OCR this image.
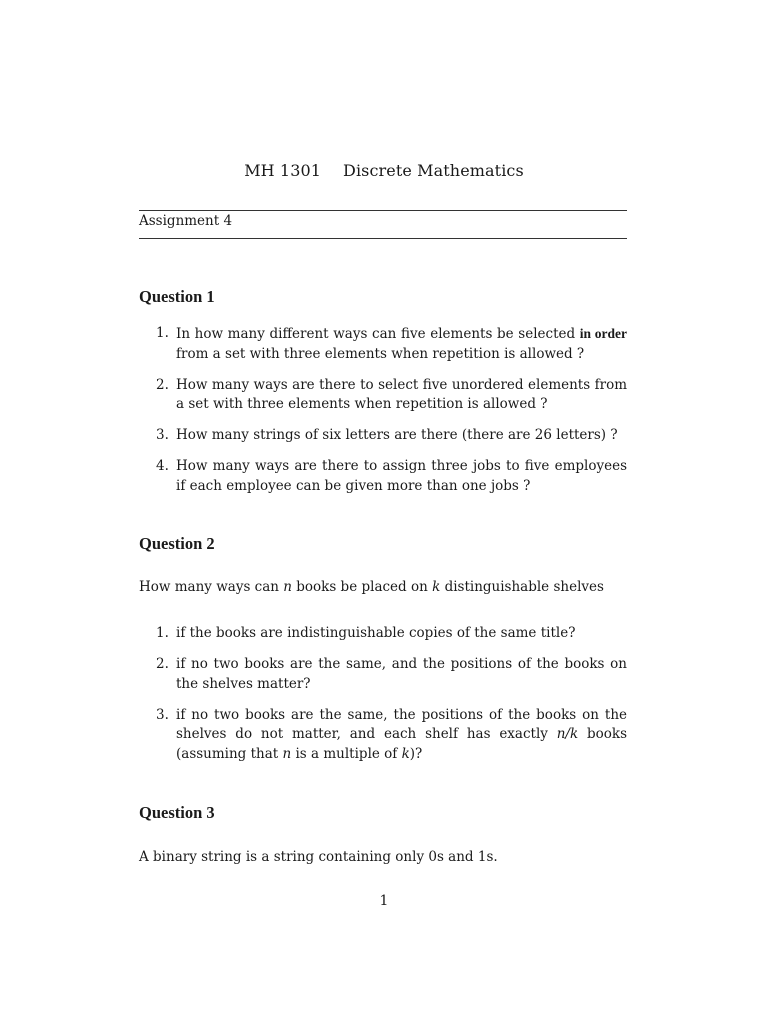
MH 1301 Discrete Mathematics
Assignment 4
Question 1
1. In how many different ways can five elements be selected in order from a set with three elements when repetition is allowed ?
2. How many ways are there to select five unordered elements from a set with three elements when repetition is allowed ?
3. How many strings of six letters are there (there are 26 letters) ?
4. How many ways are there to assign three jobs to five employees if each employee can be given more than one jobs ?
Question 2
How many ways can n books be placed on k distinguishable shelves
1. if the books are indistinguishable copies of the same title?
2. if no two books are the same, and the positions of the books on the shelves matter?
3. if no two books are the same, the positions of the books on the shelves do not matter, and each shelf has exactly n/k books (assuming that n is a multiple of k)?
Question 3
A binary string is a string containing only 0s and 1s.
1
